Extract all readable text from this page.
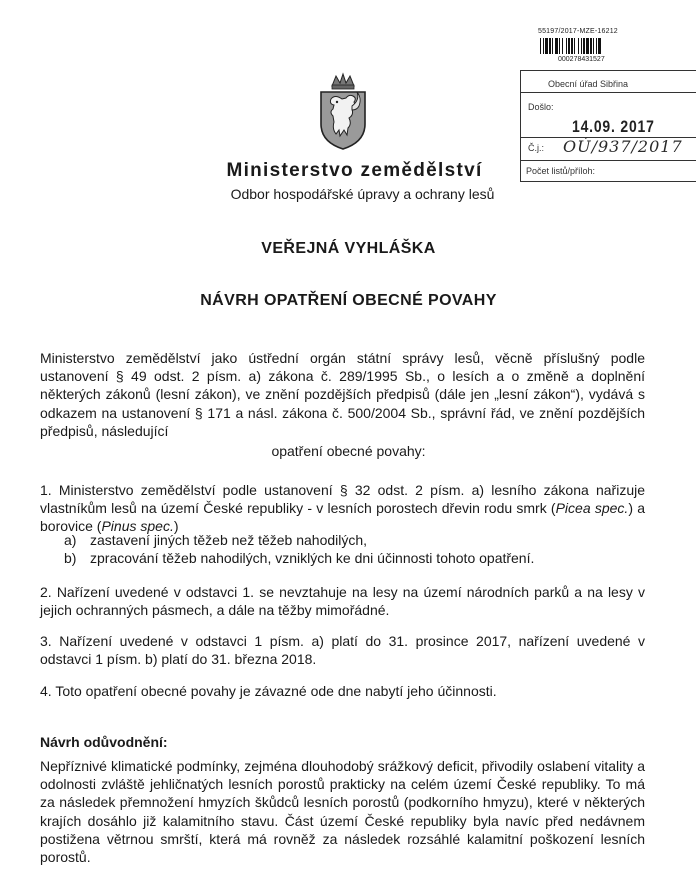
55197/2017-MZE-16212
000278431527
Obecní úřad Sibřina
Došlo:
14.09. 2017
Č.j.: OÚ/937/2017
Počet listů/příloh:
Ministerstvo zemědělství
Odbor hospodářské úpravy a ochrany lesů
VEŘEJNÁ VYHLÁŠKA
NÁVRH OPATŘENÍ OBECNÉ POVAHY
Ministerstvo zemědělství jako ústřední orgán státní správy lesů, věcně příslušný podle ustanovení § 49 odst. 2 písm. a) zákona č. 289/1995 Sb., o lesích a o změně a doplnění některých zákonů (lesní zákon), ve znění pozdějších předpisů (dále jen „lesní zákon“), vydává s odkazem na ustanovení § 171 a násl. zákona č. 500/2004 Sb., správní řád, ve znění pozdějších předpisů, následující
opatření obecné povahy:
1. Ministerstvo zemědělství podle ustanovení § 32 odst. 2 písm. a) lesního zákona nařizuje vlastníkům lesů na území České republiky - v lesních porostech dřevin rodu smrk (Picea spec.) a borovice (Pinus spec.)
a) zastavení jiných těžeb než těžeb nahodilých,
b) zpracování těžeb nahodilých, vzniklých ke dni účinnosti tohoto opatření.
2. Nařízení uvedené v odstavci 1. se nevztahuje na lesy na území národních parků a na lesy v jejich ochranných pásmech, a dále na těžby mimořádné.
3. Nařízení uvedené v odstavci 1 písm. a) platí do 31. prosince 2017, nařízení uvedené v odstavci 1 písm. b) platí do 31. března 2018.
4. Toto opatření obecné povahy je závazné ode dne nabytí jeho účinnosti.
Návrh odůvodnění:
Nepříznivé klimatické podmínky, zejména dlouhodobý srážkový deficit, přivodily oslabení vitality a odolnosti zvláště jehličnatých lesních porostů prakticky na celém území České republiky. To má za následek přemnožení hmyzích škůdců lesních porostů (podkorního hmyzu), které v některých krajích dosáhlo již kalamitního stavu. Část území České republiky byla navíc před nedávnem postižena větrnou smrští, která má rovněž za následek rozsáhlé kalamitní poškození lesních porostů.
